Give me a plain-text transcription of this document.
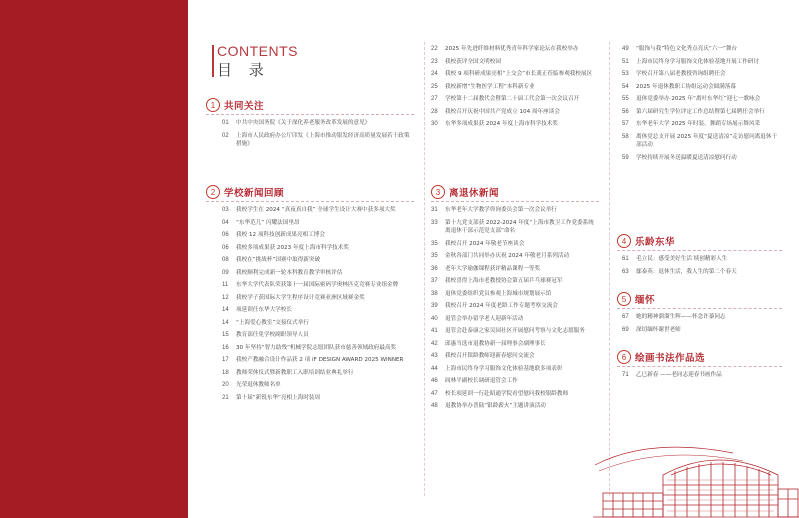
CONTENTS
目 录
1 共同关注
01	中共中央国务院《关于深化养老服务改革发展的意见》
02	上海市人民政府办公厅印发《上海市推动银发经济高质量发展若干政策措施》
2 学校新闻回顾
03	我校学生在 2024 “真夜真自我” 全球学生设计大赛中获多项大奖
04	“东华范儿” 闪耀法国里昂
06	我校 12 项科技创新成果亮相工博会
06	我校多项成果获 2023 年度上海市科学技术奖
08	我校在“挑战杯”国赛中取得新突破
09	我校顺利完成新一轮本科教育教学审核评估
11	东华大学代表队荣获第十一届国际密码学奥林匹克竞赛专业组金牌
12	我校学子获国际大学生程序设计竞赛亚洲区域赛金奖
14	项延训任东华大学校长
14	“上海爱心教室”交接仪式举行
15	教育部任免学校副职领导人员
16	30 年坚持“智力助残”机械学院志愿团队获市慈善领域政府最高奖
17	我校产教融合设计作品获 2 项 iF DESIGN AWARD 2025 WINNER
18	教师荣休仪式暨新教职工入职培训结业典礼举行
20	光荣退休教师名单
21	第十届“新锐东华”亮相上海时装周
22	2025 年先进纤维材料优秀青年科学家论坛在我校举办
23	我校获评全国文明校园
24	我校 9 项科研成果亮相“上交会”市长龚正莅临参观我校展区
25	我校新增“生物医学工程”本科新专业
27	学校第十二届教代会暨第二十届工代会第一次会议召开
28	我校召开庆祝中国共产党成立 104 周年座谈会
30	东华多项成果获 2024 年度上海市科学技术奖
3 离退休新闻
31	东华老年大学教学咨询委员会第一次会议举行
33	第十九党支部获 2022-2024 年度“上海市教卫工作党委系统离退休干部示范党支部”命名
35	我校召开 2024 年敬老节座谈会
35	金秋各部门共同举办庆祝 2024 年敬老月系列活动
36	老年大学瑜伽课程获评精品课程一等奖
37	我校喜得上海市老教授协会第五届乒乓球赛冠军
38	退休党委组织党员参观上海城市规划展示馆
39	我校召开 2024 年度老龄工作专题考察交流会
40	退管会举办留学老人迎新年活动
41	退管会赴泰康之家吴园社区开展慰问考察与文化志愿服务
42	邱惠当选市退教协新一届理事会副理事长
43	我校召开银龄教师迎新春慰问交流会
44	上海市民终身学习服饰文化体验基地联多项表彰
46	阎林平副校长调研退管会工作
47	校长项延训一行赴昭通学院看望慰问我校银龄教师
48	退教协举办普陆“银龄薪火”主题讲演活动
49	“服饰与我”特色文化秀点亮庆“六一”舞台
51	上海市民终身学习服饰文化体验基地开展工作研讨
53	学校召开第八届老教授咨询组聘任会
54	2025 年退休教职工协组运动会圆满落幕
55	退休党委举办 2025 年“离叶东华红”迎七一歌咏会
56	第六届研究生学位评定工作总结暨第七届聘任会举行
57	东华老年大学 2025 年时装、舞蹈专场展示舞风采
58	离休党总支开展 2025 年度“夏送清凉”走访慰问离退休干部活动
59	学校持续开展冬送温暖夏送清凉慰问行动
4 乐龄东华
61	毛立民：感受美好生活 续创精彩人生
63	鄢泰英：退休生活，我人生的第二个春天
5 缅怀
67	她的精神溜溜生辉——怀念许蓁同志
69	深切缅怀谢世老师
6 绘画书法作品选
71	乙巳新春 ——老同志迎春书画作品
